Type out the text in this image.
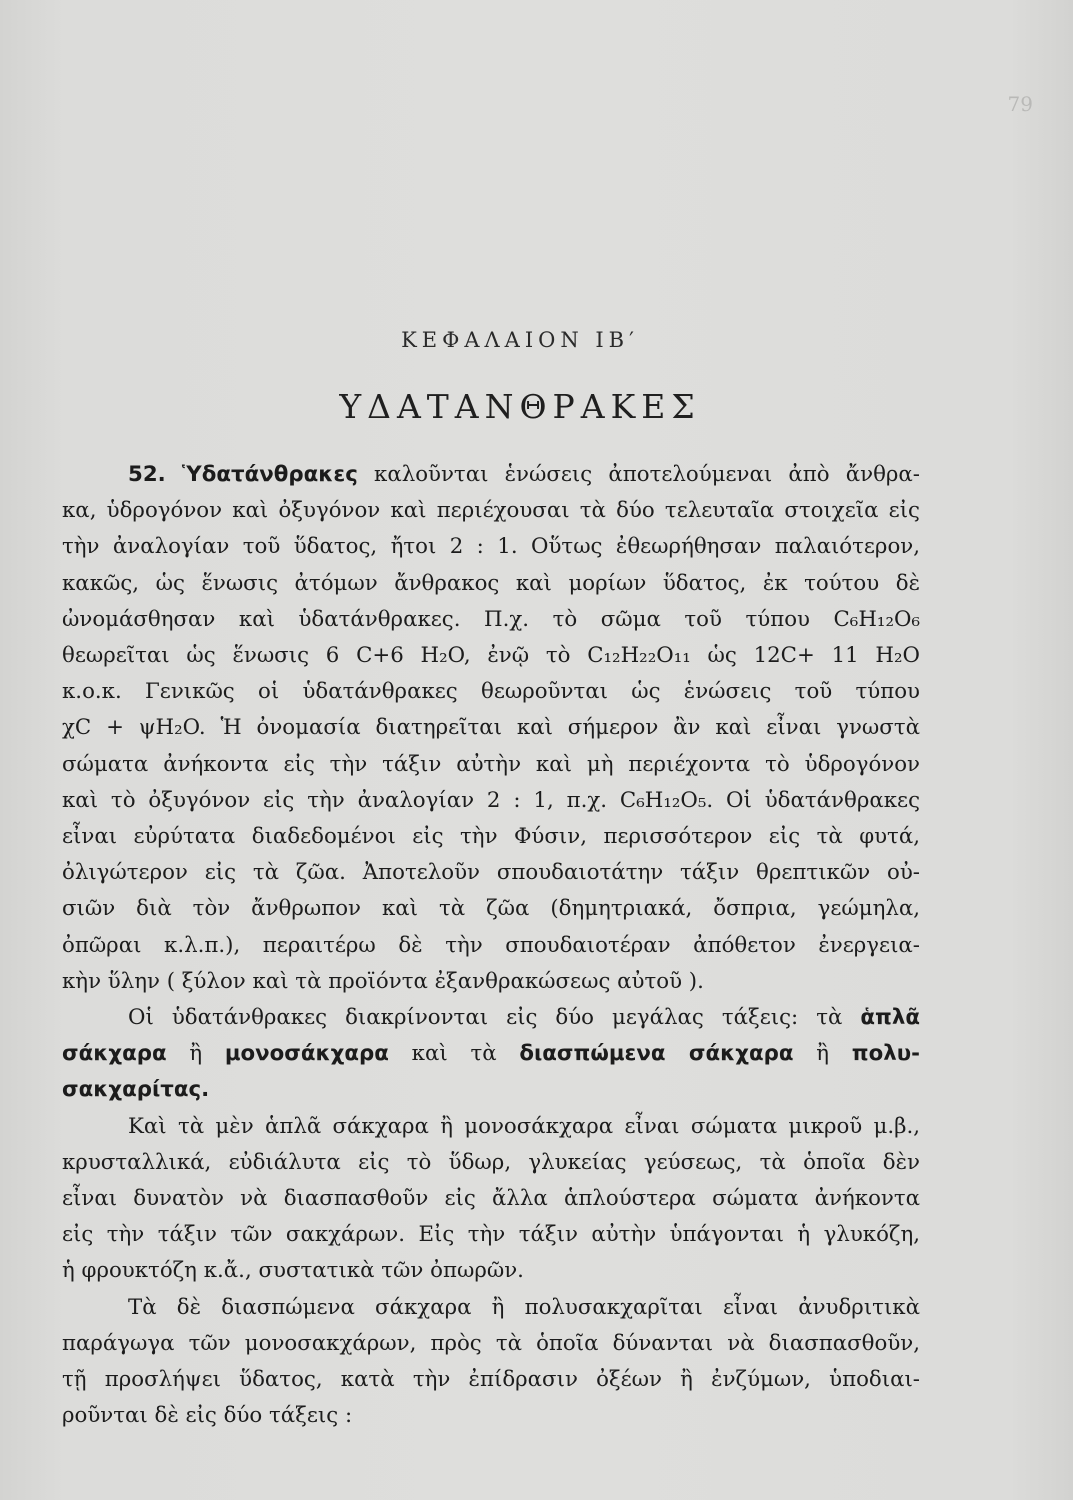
79
ΚΕΦΑΛΑΙΟΝ ΙΒ′
ΥΔΑΤΑΝΘΡΑΚΕΣ
52. Ὑδατάνθρακες καλοῦνται ἑνώσεις ἀποτελούμεναι ἀπὸ ἄνθρα-
κα, ὑδρογόνον καὶ ὀξυγόνον καὶ περιέχουσαι τὰ δύο τελευταῖα στοιχεῖα εἰς
τὴν ἀναλογίαν τοῦ ὕδατος, ἤτοι 2 : 1. Οὕτως ἐθεωρήθησαν παλαιότερον,
κακῶς, ὡς ἕνωσις ἀτόμων ἄνθρακος καὶ μορίων ὕδατος, ἐκ τούτου δὲ
ὠνομάσθησαν καὶ ὑδατάνθρακες. Π.χ. τὸ σῶμα τοῦ τύπου C₆H₁₂O₆
θεωρεῖται ὡς ἕνωσις 6 C+6 H₂O, ἐνῷ τὸ C₁₂H₂₂O₁₁ ὡς 12C+ 11 H₂O
κ.ο.κ. Γενικῶς οἱ ὑδατάνθρακες θεωροῦνται ὡς ἑνώσεις τοῦ τύπου
χC + ψH₂O. Ἡ ὀνομασία διατηρεῖται καὶ σήμερον ἂν καὶ εἶναι γνωστὰ
σώματα ἀνήκοντα εἰς τὴν τάξιν αὐτὴν καὶ μὴ περιέχοντα τὸ ὑδρογόνον
καὶ τὸ ὀξυγόνον εἰς τὴν ἀναλογίαν 2 : 1, π.χ. C₆H₁₂O₅. Οἱ ὑδατάνθρακες
εἶναι εὐρύτατα διαδεδομένοι εἰς τὴν Φύσιν, περισσότερον εἰς τὰ φυτά,
ὀλιγώτερον εἰς τὰ ζῶα. Ἀποτελοῦν σπουδαιοτάτην τάξιν θρεπτικῶν οὐ-
σιῶν διὰ τὸν ἄνθρωπον καὶ τὰ ζῶα (δημητριακά, ὄσπρια, γεώμηλα,
ὀπῶραι κ.λ.π.), περαιτέρω δὲ τὴν σπουδαιοτέραν ἀπόθετον ἐνεργεια-
κὴν ὕλην ( ξύλον καὶ τὰ προϊόντα ἐξανθρακώσεως αὐτοῦ ).
Οἱ ὑδατάνθρακες διακρίνονται εἰς δύο μεγάλας τάξεις: τὰ ἁπλᾶ
σάκχαρα ἢ μονοσάκχαρα καὶ τὰ διασπώμενα σάκχαρα ἢ πολυ-
σακχαρίτας.
Καὶ τὰ μὲν ἁπλᾶ σάκχαρα ἢ μονοσάκχαρα εἶναι σώματα μικροῦ μ.β.,
κρυσταλλικά, εὐδιάλυτα εἰς τὸ ὕδωρ, γλυκείας γεύσεως, τὰ ὁποῖα δὲν
εἶναι δυνατὸν νὰ διασπασθοῦν εἰς ἄλλα ἁπλούστερα σώματα ἀνήκοντα
εἰς τὴν τάξιν τῶν σακχάρων. Εἰς τὴν τάξιν αὐτὴν ὑπάγονται ἡ γλυκόζη,
ἡ φρουκτόζη κ.ἄ., συστατικὰ τῶν ὀπωρῶν.
Τὰ δὲ διασπώμενα σάκχαρα ἢ πολυσακχαρῖται εἶναι ἀνυδριτικὰ
παράγωγα τῶν μονοσακχάρων, πρὸς τὰ ὁποῖα δύνανται νὰ διασπασθοῦν,
τῇ προσλήψει ὕδατος, κατὰ τὴν ἐπίδρασιν ὀξέων ἢ ἐνζύμων, ὑποδιαι-
ροῦνται δὲ εἰς δύο τάξεις :
